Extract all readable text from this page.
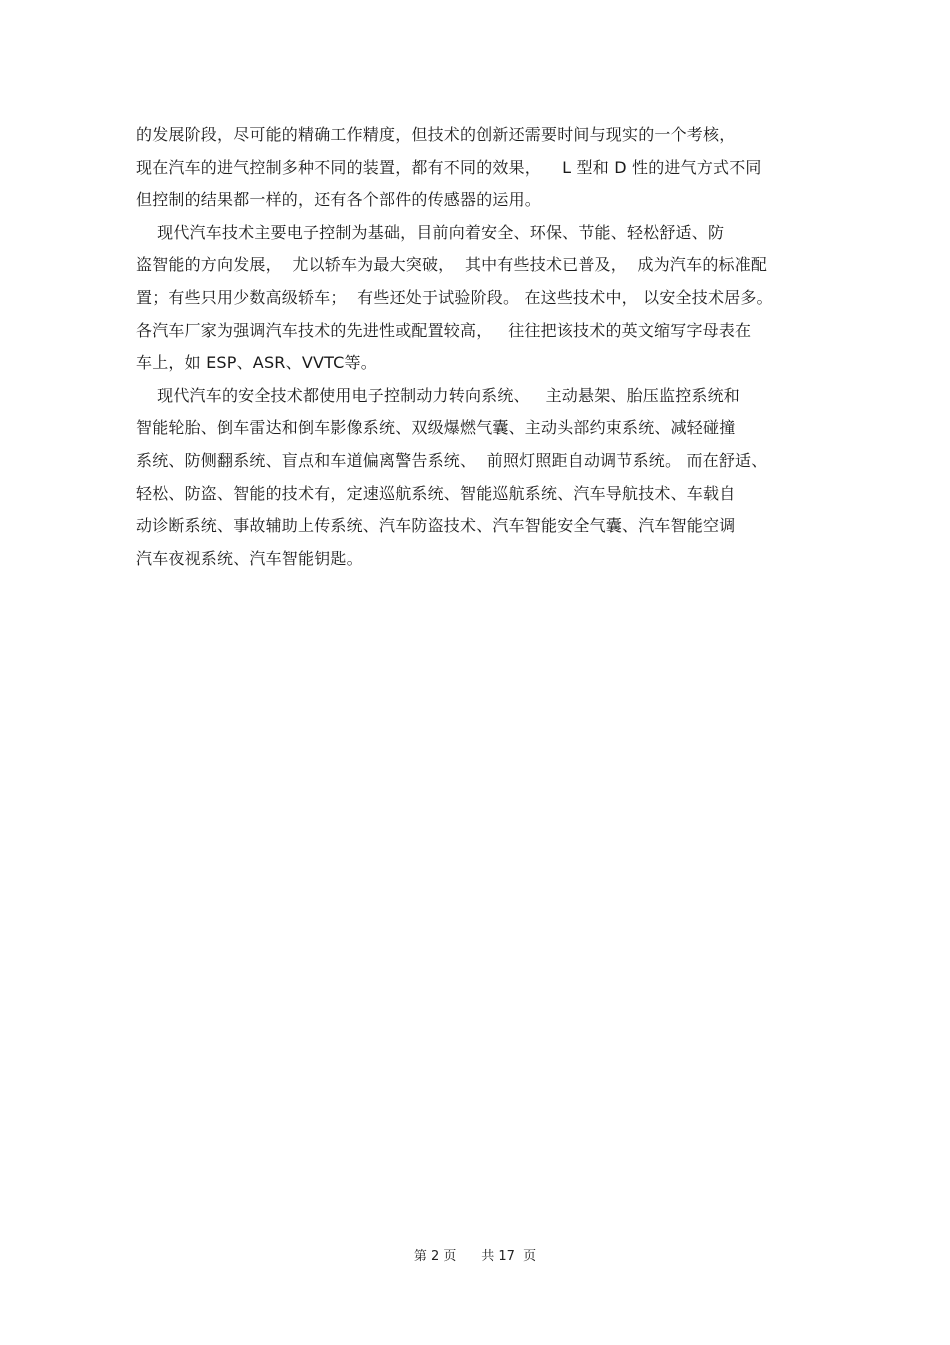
的发展阶段，尽可能的精确工作精度，但技术的创新还需要时间与现实的一个考核，
现在汽车的进气控制多种不同的装置，都有不同的效果，    L 型和 D 性的进气方式不同
但控制的结果都一样的，还有各个部件的传感器的运用。
现代汽车技术主要电子控制为基础，目前向着安全、环保、节能、轻松舒适、防
盗智能的方向发展，  尤以轿车为最大突破，  其中有些技术已普及，  成为汽车的标准配
置；有些只用少数高级轿车；  有些还处于试验阶段。 在这些技术中， 以安全技术居多。
各汽车厂家为强调汽车技术的先进性或配置较高，   往往把该技术的英文缩写字母表在
车上，如 ESP、ASR、VVTC等。
现代汽车的安全技术都使用电子控制动力转向系统、   主动悬架、胎压监控系统和
智能轮胎、倒车雷达和倒车影像系统、双级爆燃气囊、主动头部约束系统、减轻碰撞
系统、防侧翻系统、盲点和车道偏离警告系统、  前照灯照距自动调节系统。 而在舒适、
轻松、防盗、智能的技术有，定速巡航系统、智能巡航系统、汽车导航技术、车载自
动诊断系统、事故辅助上传系统、汽车防盗技术、汽车智能安全气囊、汽车智能空调
汽车夜视系统、汽车智能钥匙。
第 2 页      共 17  页
